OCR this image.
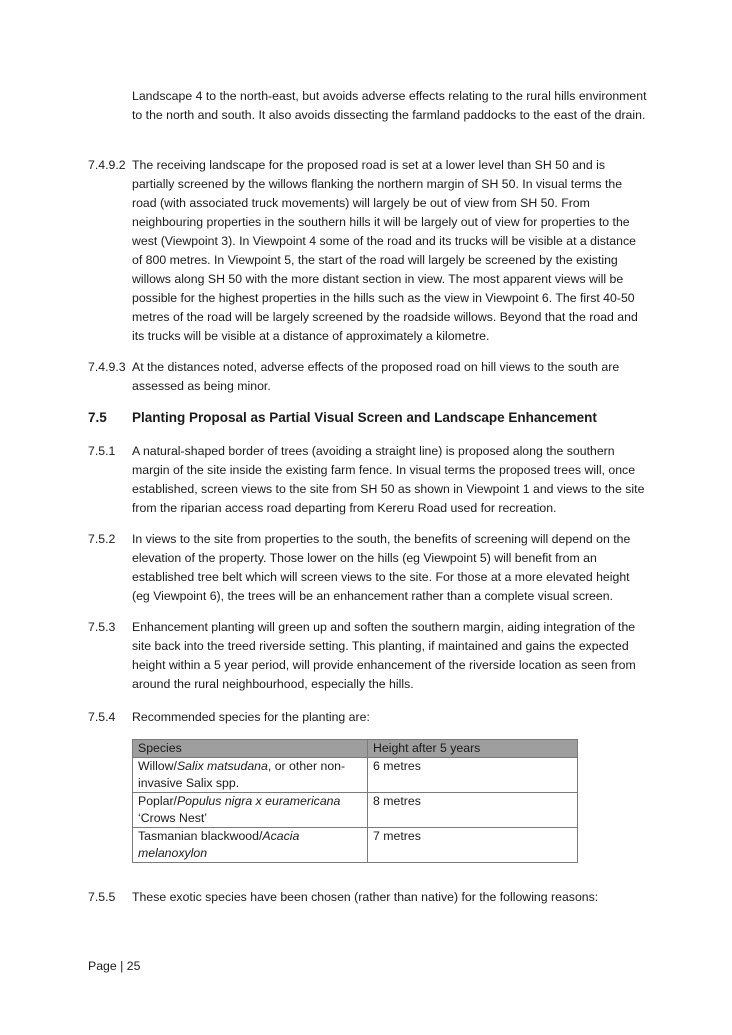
Landscape 4 to the north-east, but avoids adverse effects relating to the rural hills environment to the north and south. It also avoids dissecting the farmland paddocks to the east of the drain.
7.4.9.2 The receiving landscape for the proposed road is set at a lower level than SH 50 and is partially screened by the willows flanking the northern margin of SH 50. In visual terms the road (with associated truck movements) will largely be out of view from SH 50. From neighbouring properties in the southern hills it will be largely out of view for properties to the west (Viewpoint 3). In Viewpoint 4 some of the road and its trucks will be visible at a distance of 800 metres. In Viewpoint 5, the start of the road will largely be screened by the existing willows along SH 50 with the more distant section in view. The most apparent views will be possible for the highest properties in the hills such as the view in Viewpoint 6. The first 40-50 metres of the road will be largely screened by the roadside willows. Beyond that the road and its trucks will be visible at a distance of approximately a kilometre.
7.4.9.3 At the distances noted, adverse effects of the proposed road on hill views to the south are assessed as being minor.
7.5 Planting Proposal as Partial Visual Screen and Landscape Enhancement
7.5.1 A natural-shaped border of trees (avoiding a straight line) is proposed along the southern margin of the site inside the existing farm fence. In visual terms the proposed trees will, once established, screen views to the site from SH 50 as shown in Viewpoint 1 and views to the site from the riparian access road departing from Kereru Road used for recreation.
7.5.2 In views to the site from properties to the south, the benefits of screening will depend on the elevation of the property. Those lower on the hills (eg Viewpoint 5) will benefit from an established tree belt which will screen views to the site. For those at a more elevated height (eg Viewpoint 6), the trees will be an enhancement rather than a complete visual screen.
7.5.3 Enhancement planting will green up and soften the southern margin, aiding integration of the site back into the treed riverside setting. This planting, if maintained and gains the expected height within a 5 year period, will provide enhancement of the riverside location as seen from around the rural neighbourhood, especially the hills.
7.5.4 Recommended species for the planting are:
Species	Height after 5 years
Willow/Salix matsudana, or other non-invasive Salix spp.	6 metres
Poplar/Populus nigra x euramericana ‘Crows Nest’	8 metres
Tasmanian blackwood/Acacia melanoxylon	7 metres
7.5.5 These exotic species have been chosen (rather than native) for the following reasons:
Page | 25
